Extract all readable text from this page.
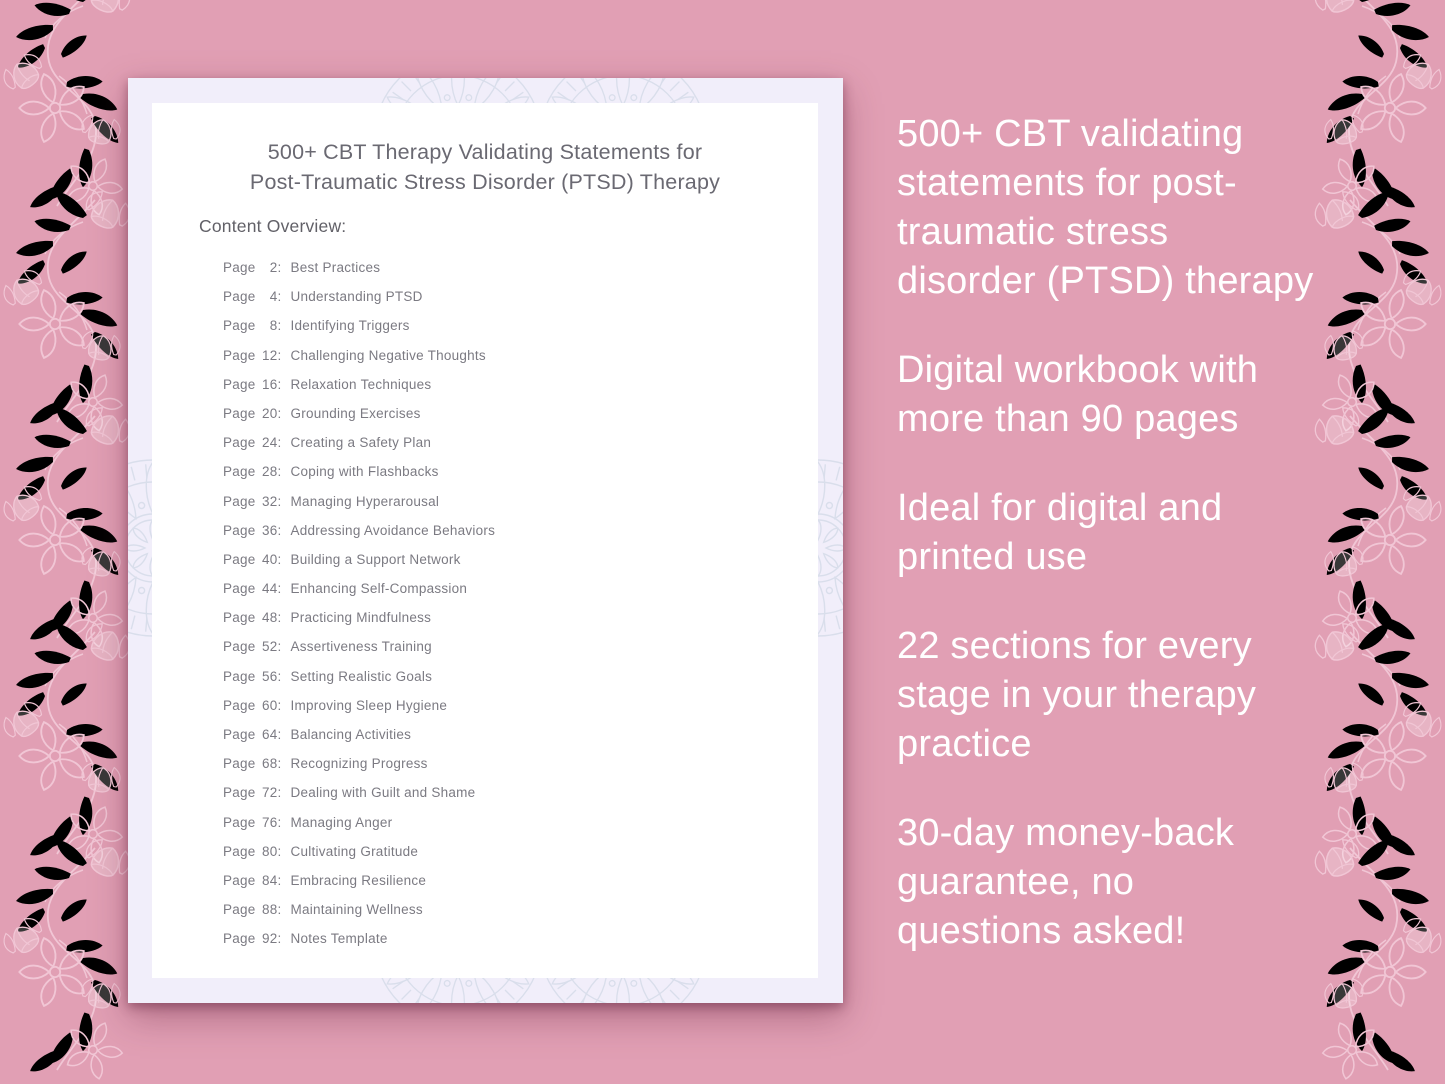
500+ CBT Therapy Validating Statements for
Post-Traumatic Stress Disorder (PTSD) Therapy
Content Overview:
Page	2: Best Practices
Page	4: Understanding PTSD
Page	8: Identifying Triggers
Page 12: Challenging Negative Thoughts
Page 16: Relaxation Techniques
Page 20: Grounding Exercises
Page 24: Creating a Safety Plan
Page 28: Coping with Flashbacks
Page 32: Managing Hyperarousal
Page 36: Addressing Avoidance Behaviors
Page 40: Building a Support Network
Page 44: Enhancing Self-Compassion
Page 48: Practicing Mindfulness
Page 52: Assertiveness Training
Page 56: Setting Realistic Goals
Page 60: Improving Sleep Hygiene
Page 64: Balancing Activities
Page 68: Recognizing Progress
Page 72: Dealing with Guilt and Shame
Page 76: Managing Anger
Page 80: Cultivating Gratitude
Page 84: Embracing Resilience
Page 88: Maintaining Wellness
Page 92: Notes Template

500+ CBT validating
statements for post-
traumatic stress
disorder (PTSD) therapy

Digital workbook with
more than 90 pages

Ideal for digital and
printed use

22 sections for every
stage in your therapy
practice

30-day money-back
guarantee, no
questions asked!
